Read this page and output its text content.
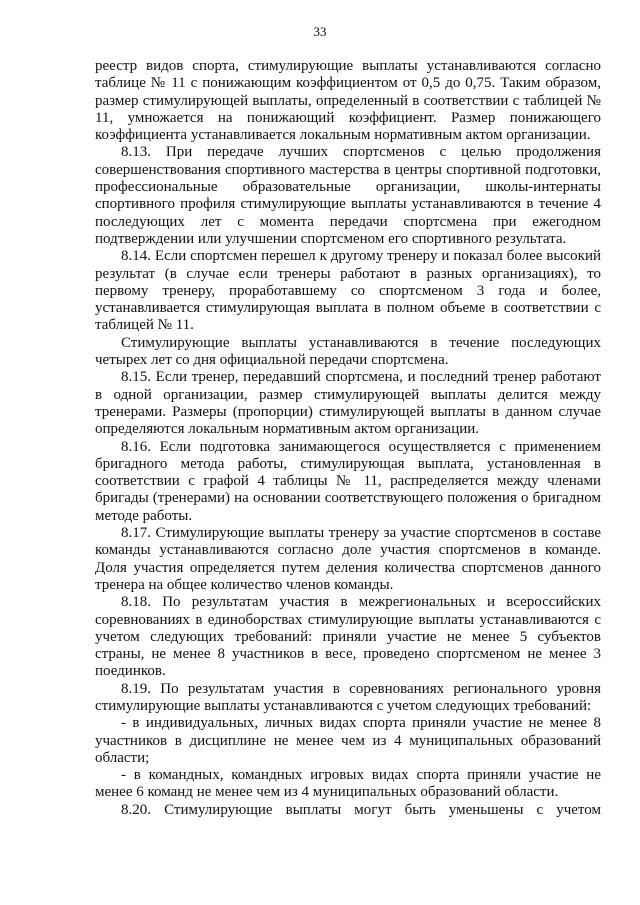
33

реестр видов спорта, стимулирующие выплаты устанавливаются согласно таблице № 11 с понижающим коэффициентом от 0,5 до 0,75. Таким образом, размер стимулирующей выплаты, определенный в соответствии с таблицей № 11, умножается на понижающий коэффициент. Размер понижающего коэффициента устанавливается локальным нормативным актом организации.

8.13. При передаче лучших спортсменов с целью продолжения совершенствования спортивного мастерства в центры спортивной подготовки, профессиональные образовательные организации, школы-интернаты спортивного профиля стимулирующие выплаты устанавливаются в течение 4 последующих лет с момента передачи спортсмена при ежегодном подтверждении или улучшении спортсменом его спортивного результата.

8.14. Если спортсмен перешел к другому тренеру и показал более высокий результат (в случае если тренеры работают в разных организациях), то первому тренеру, проработавшему со спортсменом 3 года и более, устанавливается стимулирующая выплата в полном объеме в соответствии с таблицей № 11.

Стимулирующие выплаты устанавливаются в течение последующих четырех лет со дня официальной передачи спортсмена.

8.15. Если тренер, передавший спортсмена, и последний тренер работают в одной организации, размер стимулирующей выплаты делится между тренерами. Размеры (пропорции) стимулирующей выплаты в данном случае определяются локальным нормативным актом организации.

8.16. Если подготовка занимающегося осуществляется с применением бригадного метода работы, стимулирующая выплата, установленная в соответствии с графой 4 таблицы № 11, распределяется между членами бригады (тренерами) на основании соответствующего положения о бригадном методе работы.

8.17. Стимулирующие выплаты тренеру за участие спортсменов в составе команды устанавливаются согласно доле участия спортсменов в команде. Доля участия определяется путем деления количества спортсменов данного тренера на общее количество членов команды.

8.18. По результатам участия в межрегиональных и всероссийских соревнованиях в единоборствах стимулирующие выплаты устанавливаются с учетом следующих требований: приняли участие не менее 5 субъектов страны, не менее 8 участников в весе, проведено спортсменом не менее 3 поединков.

8.19. По результатам участия в соревнованиях регионального уровня стимулирующие выплаты устанавливаются с учетом следующих требований:

- в индивидуальных, личных видах спорта приняли участие не менее 8 участников в дисциплине не менее чем из 4 муниципальных образований области;

- в командных, командных игровых видах спорта приняли участие не менее 6 команд не менее чем из 4 муниципальных образований области.

8.20. Стимулирующие выплаты могут быть уменьшены с учетом
